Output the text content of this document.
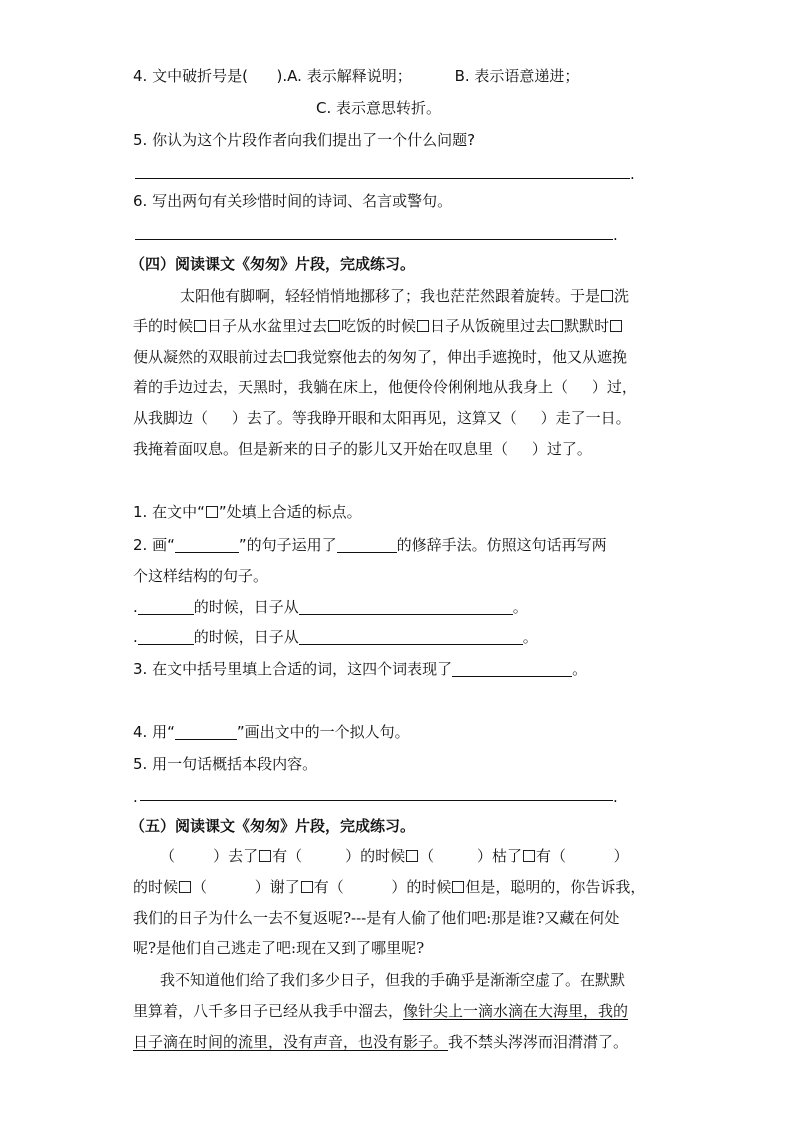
4. 文中破折号是(      ).A. 表示解释说明；         B. 表示语意递进；
C. 表示意思转折。
5. 你认为这个片段作者向我们提出了一个什么问题?
.
6. 写出两句有关珍惜时间的诗词、名言或警句。
.
（四）阅读课文《匆匆》片段，完成练习。
太阳他有脚啊，轻轻悄悄地挪移了；我也茫茫然跟着旋转。于是 洗
手的时候 日子从水盆里过去 吃饭的时候 日子从饭碗里过去 默默时
便从凝然的双眼前过去 我觉察他去的匆匆了，伸出手遮挽时，他又从遮挽
着的手边过去，天黑时，我躺在床上，他便伶伶俐俐地从我身上（     ）过，
从我脚边（     ）去了。等我睁开眼和太阳再见，这算又（     ）走了一日。
我掩着面叹息。但是新来的日子的影儿又开始在叹息里（     ）过了。
1. 在文中“ ”处填上合适的标点。
2. 画“	”的句子运用了	的修辞手法。仿照这句话再写两
个这样结构的句子。
.	的时候，日子从	。
.	的时候，日子从	。
3. 在文中括号里填上合适的词，这四个词表现了	。
4. 用“	”画出文中的一个拟人句。
5. 用一句话概括本段内容。
.	.
（五）阅读课文《匆匆》片段，完成练习。
（        ）去了 有（         ）的时候 （         ）枯了 有（          ）
的时候 （          ）谢了 有（          ）的时候 但是，聪明的，你告诉我，
我们的日子为什么一去不复返呢?---是有人偷了他们吧:那是谁?又藏在何处
呢?是他们自己逃走了吧:现在又到了哪里呢?
我不知道他们给了我们多少日子，但我的手确乎是渐渐空虚了。在默默
里算着，八千多日子已经从我手中溜去，像针尖上一滴水滴在大海里，我的
日子滴在时间的流里，没有声音，也没有影子。我不禁头涔涔而泪潸潸了。
